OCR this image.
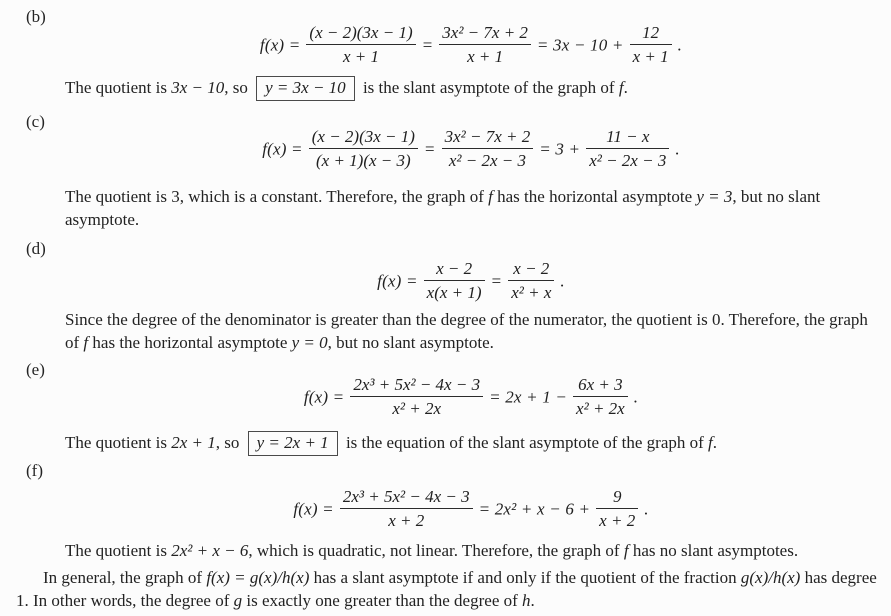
(b)
$f(x) = \frac{(x - 2)(3x - 1)}{x + 1} = \frac{\text{3x² − 7x + 2}}{x + 1} = 3x - 10 + \frac{12}{x + 1}$ .
The quotient is 3x − 10, so y = 3x − 10 is the slant asymptote of the graph of f.
(c)
$f(x) = \frac{(x - 2)(3x - 1)}{(x + 1)(x - 3)} = \frac{\text{3x² − 7x + 2}}{\text{x² − 2x − 3}} = 3 + \frac{11 - x}{\text{x² − 2x − 3}}$ .
The quotient is 3, which is a constant. Therefore, the graph of f has the horizontal asymptote y = 3, but no slant asymptote.
(d)
$f(x) = \frac{x - 2}{x(x + 1)} = \frac{x - 2}{\text{x² + x}}$ .
Since the degree of the denominator is greater than the degree of the numerator, the quotient is 0. Therefore, the graph of f has the horizontal asymptote y = 0, but no slant asymptote.
(e)
$f(x) = \frac{\text{2x³ + 5x² − 4x − 3}}{\text{x² + 2x}} = 2x + 1 - \frac{6x + 3}{\text{x² + 2x}}$ .
The quotient is 2x + 1, so y = 2x + 1 is the equation of the slant asymptote of the graph of f.
(f)
$f(x) = \frac{\text{2x³ + 5x² − 4x − 3}}{x + 2} = 2x^2 + x - 6 + \frac{9}{x + 2}$ .
The quotient is 2x² + x − 6, which is quadratic, not linear. Therefore, the graph of f has no slant asymptotes.
In general, the graph of f(x) = g(x)/h(x) has a slant asymptote if and only if the quotient of the fraction g(x)/h(x) has degree 1. In other words, the degree of g is exactly one greater than the degree of h.
